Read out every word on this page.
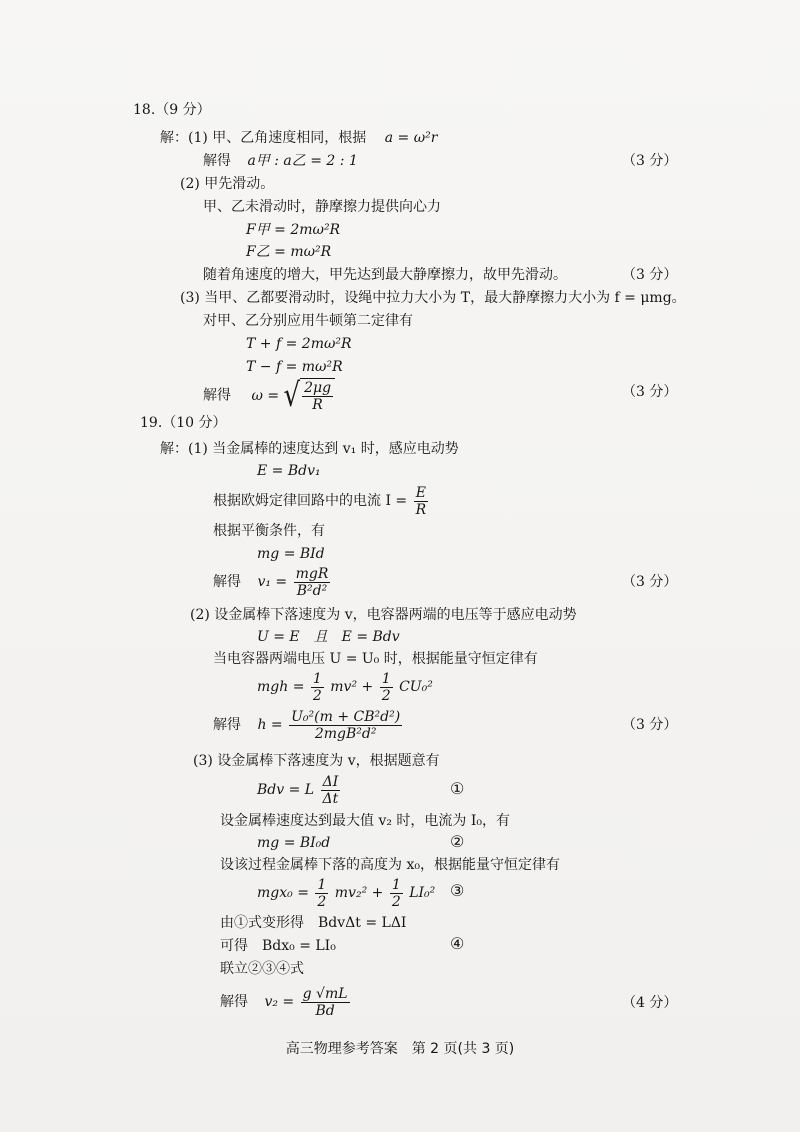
18.（9 分）
解：(1) 甲、乙角速度相同，根据 a = ω²r
解得 a甲 : a乙 = 2 : 1	（3 分）
(2) 甲先滑动。
甲、乙未滑动时，静摩擦力提供向心力
F甲 = 2mω²R
F乙 = mω²R
随着角速度的增大，甲先达到最大静摩擦力，故甲先滑动。	（3 分）
(3) 当甲、乙都要滑动时，设绳中拉力大小为 T，最大静摩擦力大小为 f = μmg。
对甲、乙分别应用牛顿第二定律有
T + f = 2mω²R
T − f = mω²R
解得 ω = √ $\frac{2\mu g}{R}$	（3 分）
19.（10 分）
解：(1) 当金属棒的速度达到 v₁ 时，感应电动势
E = Bdv₁
根据欧姆定律回路中的电流 $I = \frac{E}{R}$
根据平衡条件，有
mg = BId
解得 $v_1 = \frac{\text{mgR}}{\text{B²d²}}$	（3 分）
(2) 设金属棒下落速度为 v，电容器两端的电压等于感应电动势
U = E　且　E = Bdv
当电容器两端电压 U = U₀ 时，根据能量守恒定律有
mgh = $\frac{1}{2} mv^2 + \frac{1}{2} CU_0^2$
解得 $h = \frac{\text{U₀²(m + CB²d²)}}{\text{2mgB²d²}}$	（3 分）
(3) 设金属棒下落速度为 v，根据题意有
Bdv = L $\frac{\Delta I}{\Delta t}$	①
设金属棒速度达到最大值 v₂ 时，电流为 I₀，有
mg = BI₀d	②
设该过程金属棒下落的高度为 x₀，根据能量守恒定律有
$mgx_0 = \frac{1}{2} mv_2^2 + \frac{1}{2} LI_0^2$ ③
由①式变形得　BdvΔt = LΔI
可得　Bdx₀ = LI₀	④
联立②③④式
解得 $v_2 = \frac{g √mL}{Bd}$	（4 分）
高三物理参考答案　第 2 页(共 3 页)
